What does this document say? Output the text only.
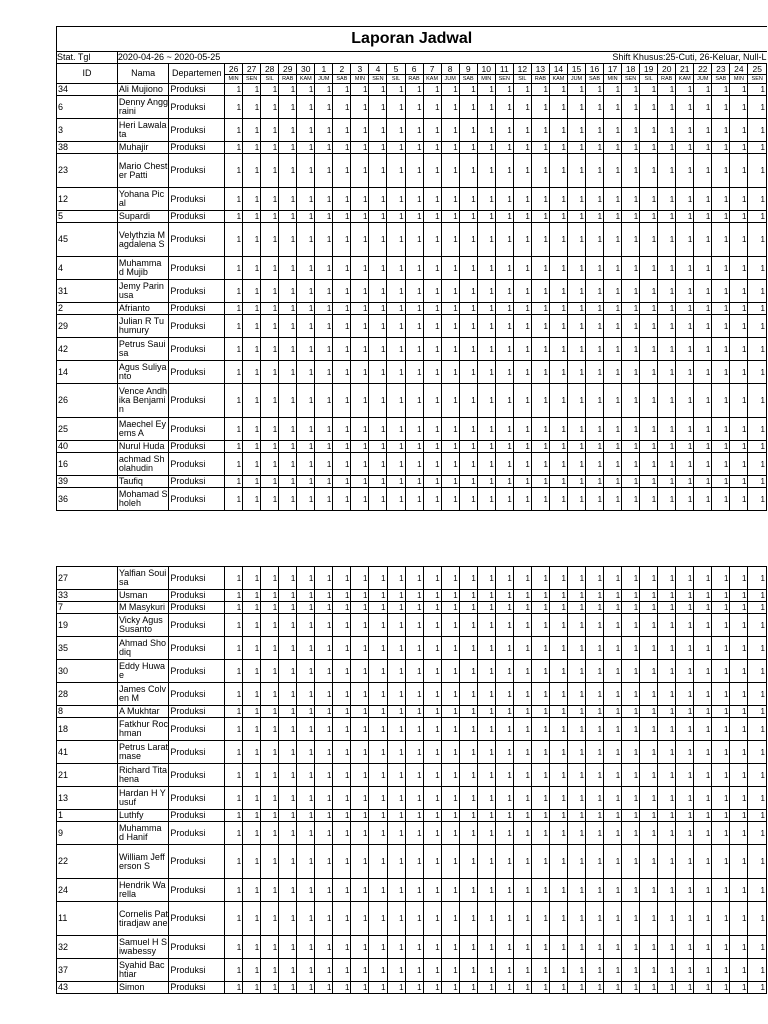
Laporan Jadwal																																
Stat. Tgl	2020-04-26 ~ 2020-05-25					Shift Khusus:25-Cuti, 26-Keluar, Null-L																										
ID	Nama	Departemen	26	27	28	29	30	1	2	3	4	5	6	7	8	9	10	11	12	13	14	15	16	17	18	19	20	21	22	23	24	25
			MIN	SEN	SIL	RAB	KAM	JUM	SAB	MIN	SEN	SIL	RAB	KAM	JUM	SAB	MIN	SEN	SIL	RAB	KAM	JUM	SAB	MIN	SEN	SIL	RAB	KAM	JUM	SAB	MIN	SEN
34	Ali Mujiono	Produksi	1	1	1	1	1	1	1	1	1	1	1	1	1	1	1	1	1	1	1	1	1	1	1	1	1	1	1	1	1	1
6	Denny Anggraini	Produksi	1	1	1	1	1	1	1	1	1	1	1	1	1	1	1	1	1	1	1	1	1	1	1	1	1	1	1	1	1	1
3	Heri Lawalata	Produksi	1	1	1	1	1	1	1	1	1	1	1	1	1	1	1	1	1	1	1	1	1	1	1	1	1	1	1	1	1	1
38	Muhajir	Produksi	1	1	1	1	1	1	1	1	1	1	1	1	1	1	1	1	1	1	1	1	1	1	1	1	1	1	1	1	1	1
23	Mario Chester Patti	Produksi	1	1	1	1	1	1	1	1	1	1	1	1	1	1	1	1	1	1	1	1	1	1	1	1	1	1	1	1	1	1
12	Yohana Pical	Produksi	1	1	1	1	1	1	1	1	1	1	1	1	1	1	1	1	1	1	1	1	1	1	1	1	1	1	1	1	1	1
5	Supardi	Produksi	1	1	1	1	1	1	1	1	1	1	1	1	1	1	1	1	1	1	1	1	1	1	1	1	1	1	1	1	1	1
45	Velythzia Magdalena S	Produksi	1	1	1	1	1	1	1	1	1	1	1	1	1	1	1	1	1	1	1	1	1	1	1	1	1	1	1	1	1	1
4	Muhamma d Mujib	Produksi	1	1	1	1	1	1	1	1	1	1	1	1	1	1	1	1	1	1	1	1	1	1	1	1	1	1	1	1	1	1
31	Jemy Parinusa	Produksi	1	1	1	1	1	1	1	1	1	1	1	1	1	1	1	1	1	1	1	1	1	1	1	1	1	1	1	1	1	1
2	Afrianto	Produksi	1	1	1	1	1	1	1	1	1	1	1	1	1	1	1	1	1	1	1	1	1	1	1	1	1	1	1	1	1	1
29	Julian R Tuhumury	Produksi	1	1	1	1	1	1	1	1	1	1	1	1	1	1	1	1	1	1	1	1	1	1	1	1	1	1	1	1	1	1
42	Petrus Sauisa	Produksi	1	1	1	1	1	1	1	1	1	1	1	1	1	1	1	1	1	1	1	1	1	1	1	1	1	1	1	1	1	1
14	Agus Suliyanto	Produksi	1	1	1	1	1	1	1	1	1	1	1	1	1	1	1	1	1	1	1	1	1	1	1	1	1	1	1	1	1	1
26	Vence Andhika Benjamin	Produksi	1	1	1	1	1	1	1	1	1	1	1	1	1	1	1	1	1	1	1	1	1	1	1	1	1	1	1	1	1	1
25	Maechel Eyems A	Produksi	1	1	1	1	1	1	1	1	1	1	1	1	1	1	1	1	1	1	1	1	1	1	1	1	1	1	1	1	1	1
40	Nurul Huda	Produksi	1	1	1	1	1	1	1	1	1	1	1	1	1	1	1	1	1	1	1	1	1	1	1	1	1	1	1	1	1	1
16	achmad Sholahudin	Produksi	1	1	1	1	1	1	1	1	1	1	1	1	1	1	1	1	1	1	1	1	1	1	1	1	1	1	1	1	1	1
39	Taufiq	Produksi	1	1	1	1	1	1	1	1	1	1	1	1	1	1	1	1	1	1	1	1	1	1	1	1	1	1	1	1	1	1
36	Mohamad Sholeh	Produksi	1	1	1	1	1	1	1	1	1	1	1	1	1	1	1	1	1	1	1	1	1	1	1	1	1	1	1	1	1	1
27	Yalfian Souisa	Produksi	1	1	1	1	1	1	1	1	1	1	1	1	1	1	1	1	1	1	1	1	1	1	1	1	1	1	1	1	1	1
33	Usman	Produksi	1	1	1	1	1	1	1	1	1	1	1	1	1	1	1	1	1	1	1	1	1	1	1	1	1	1	1	1	1	1
7	M Masykuri	Produksi	1	1	1	1	1	1	1	1	1	1	1	1	1	1	1	1	1	1	1	1	1	1	1	1	1	1	1	1	1	1
19	Vicky Agus Susanto	Produksi	1	1	1	1	1	1	1	1	1	1	1	1	1	1	1	1	1	1	1	1	1	1	1	1	1	1	1	1	1	1
35	Ahmad Shodiq	Produksi	1	1	1	1	1	1	1	1	1	1	1	1	1	1	1	1	1	1	1	1	1	1	1	1	1	1	1	1	1	1
30	Eddy Huwae	Produksi	1	1	1	1	1	1	1	1	1	1	1	1	1	1	1	1	1	1	1	1	1	1	1	1	1	1	1	1	1	1
28	James Colven M	Produksi	1	1	1	1	1	1	1	1	1	1	1	1	1	1	1	1	1	1	1	1	1	1	1	1	1	1	1	1	1	1
8	A Mukhtar	Produksi	1	1	1	1	1	1	1	1	1	1	1	1	1	1	1	1	1	1	1	1	1	1	1	1	1	1	1	1	1	1
18	Fatkhur Rochman	Produksi	1	1	1	1	1	1	1	1	1	1	1	1	1	1	1	1	1	1	1	1	1	1	1	1	1	1	1	1	1	1
41	Petrus Laratmase	Produksi	1	1	1	1	1	1	1	1	1	1	1	1	1	1	1	1	1	1	1	1	1	1	1	1	1	1	1	1	1	1
21	Richard Titahena	Produksi	1	1	1	1	1	1	1	1	1	1	1	1	1	1	1	1	1	1	1	1	1	1	1	1	1	1	1	1	1	1
13	Hardan H Yusuf	Produksi	1	1	1	1	1	1	1	1	1	1	1	1	1	1	1	1	1	1	1	1	1	1	1	1	1	1	1	1	1	1
1	Luthfy	Produksi	1	1	1	1	1	1	1	1	1	1	1	1	1	1	1	1	1	1	1	1	1	1	1	1	1	1	1	1	1	1
9	Muhamma d Hanif	Produksi	1	1	1	1	1	1	1	1	1	1	1	1	1	1	1	1	1	1	1	1	1	1	1	1	1	1	1	1	1	1
22	William Jefferson S	Produksi	1	1	1	1	1	1	1	1	1	1	1	1	1	1	1	1	1	1	1	1	1	1	1	1	1	1	1	1	1	1
24	Hendrik Warella	Produksi	1	1	1	1	1	1	1	1	1	1	1	1	1	1	1	1	1	1	1	1	1	1	1	1	1	1	1	1	1	1
11	Cornelis Pattiradjaw ane	Produksi	1	1	1	1	1	1	1	1	1	1	1	1	1	1	1	1	1	1	1	1	1	1	1	1	1	1	1	1	1	1
32	Samuel H Siwabessy	Produksi	1	1	1	1	1	1	1	1	1	1	1	1	1	1	1	1	1	1	1	1	1	1	1	1	1	1	1	1	1	1
37	Syahid Bachtiar	Produksi	1	1	1	1	1	1	1	1	1	1	1	1	1	1	1	1	1	1	1	1	1	1	1	1	1	1	1	1	1	1
43	Simon	Produksi	1	1	1	1	1	1	1	1	1	1	1	1	1	1	1	1	1	1	1	1	1	1	1	1	1	1	1	1	1	1
